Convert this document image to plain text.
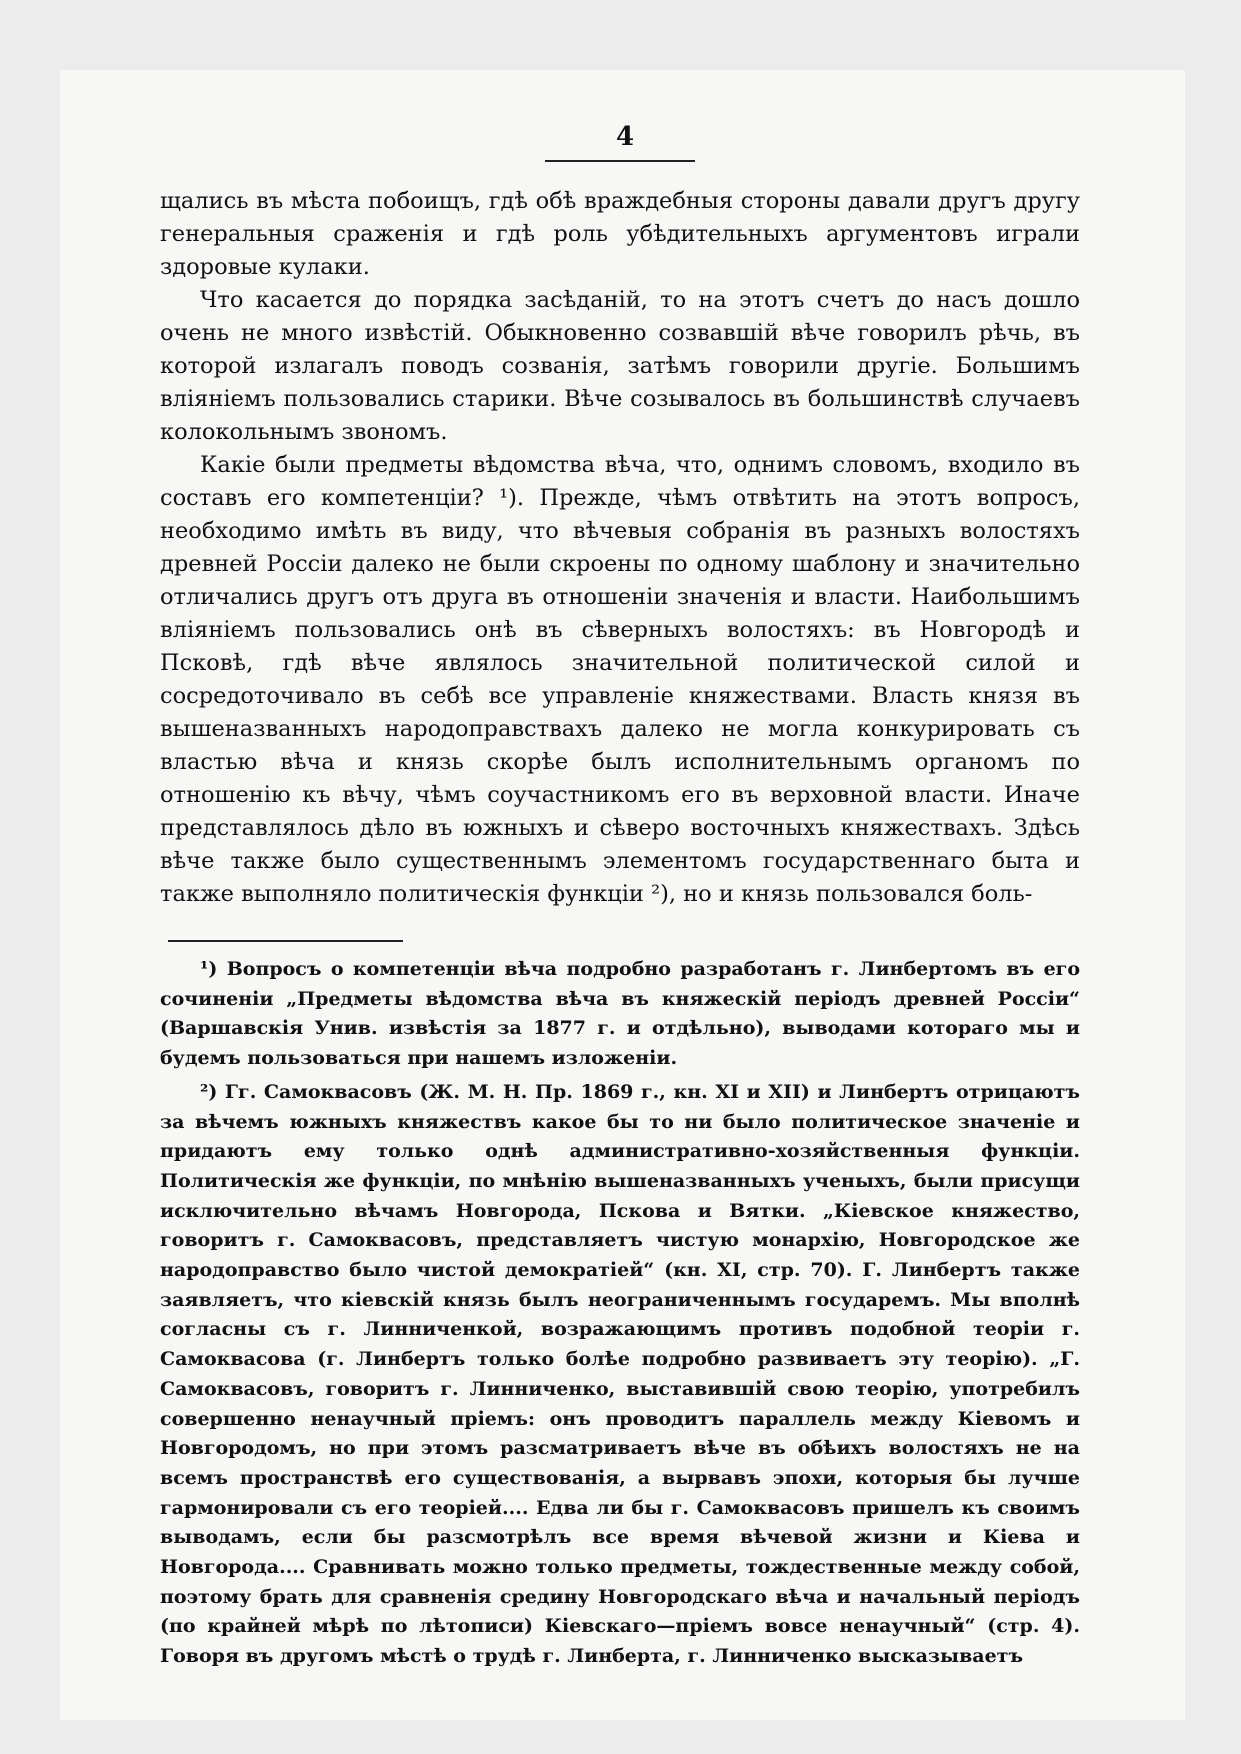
4

щались въ мѣста побоищъ, гдѣ обѣ враждебныя стороны давали другъ другу генеральныя сраженія и гдѣ роль убѣдительныхъ аргументовъ играли здоровые кулаки.

Что касается до порядка засѣданій, то на этотъ счетъ до насъ дошло очень не много извѣстій. Обыкновенно созвавшій вѣче говорилъ рѣчь, въ которой излагалъ поводъ созванія, затѣмъ говорили другіе. Большимъ вліяніемъ пользовались старики. Вѣче созывалось въ большинствѣ случаевъ колокольнымъ звономъ.

Какіе были предметы вѣдомства вѣча, что, однимъ словомъ, входило въ составъ его компетенціи? ¹). Прежде, чѣмъ отвѣтить на этотъ вопросъ, необходимо имѣть въ виду, что вѣчевыя собранія въ разныхъ волостяхъ древней Россіи далеко не были скроены по одному шаблону и значительно отличались другъ отъ друга въ отношеніи значенія и власти. Наибольшимъ вліяніемъ пользовались онѣ въ сѣверныхъ волостяхъ: въ Новгородѣ и Псковѣ, гдѣ вѣче являлось значительной политической силой и сосредоточивало въ себѣ все управленіе княжествами. Власть князя въ вышеназванныхъ народоправствахъ далеко не могла конкурировать съ властью вѣча и князь скорѣе былъ исполнительнымъ органомъ по отношенію къ вѣчу, чѣмъ соучастникомъ его въ верховной власти. Иначе представлялось дѣло въ южныхъ и сѣверо восточныхъ княжествахъ. Здѣсь вѣче также было существеннымъ элементомъ государственнаго быта и также выполняло политическія функціи ²), но и князь пользовался боль-

¹) Вопросъ о компетенціи вѣча подробно разработанъ г. Линбертомъ въ его сочиненіи „Предметы вѣдомства вѣча въ княжескій періодъ древней Россіи“ (Варшавскія Унив. извѣстія за 1877 г. и отдѣльно), выводами котораго мы и будемъ пользоваться при нашемъ изложеніи.

²) Гг. Самоквасовъ (Ж. М. Н. Пр. 1869 г., кн. XI и XII) и Линбертъ отрицаютъ за вѣчемъ южныхъ княжествъ какое бы то ни было политическое значеніе и придаютъ ему только однѣ административно-хозяйственныя функціи. Политическія же функціи, по мнѣнію вышеназванныхъ ученыхъ, были присущи исключительно вѣчамъ Новгорода, Пскова и Вятки. „Кіевское княжество, говоритъ г. Самоквасовъ, представляетъ чистую монархію, Новгородское же народоправство было чистой демократіей“ (кн. XI, стр. 70). Г. Линбертъ также заявляетъ, что кіевскій князь былъ неограниченнымъ государемъ. Мы вполнѣ согласны съ г. Линниченкой, возражающимъ противъ подобной теоріи г. Самоквасова (г. Линбертъ только болѣе подробно развиваетъ эту теорію). „Г. Самоквасовъ, говоритъ г. Линниченко, выставившій свою теорію, употребилъ совершенно ненаучный пріемъ: онъ проводитъ параллель между Кіевомъ и Новгородомъ, но при этомъ разсматриваетъ вѣче въ обѣихъ волостяхъ не на всемъ пространствѣ его существованія, а вырвавъ эпохи, которыя бы лучше гармонировали съ его теоріей.... Едва ли бы г. Самоквасовъ пришелъ къ своимъ выводамъ, если бы разсмотрѣлъ все время вѣчевой жизни и Кіева и Новгорода.... Сравнивать можно только предметы, тождественные между собой, поэтому брать для сравненія средину Новгородскаго вѣча и начальный періодъ (по крайней мѣрѣ по лѣтописи) Кіевскаго—пріемъ вовсе ненаучный“ (стр. 4). Говоря въ другомъ мѣстѣ о трудѣ г. Линберта, г. Линниченко высказываетъ
